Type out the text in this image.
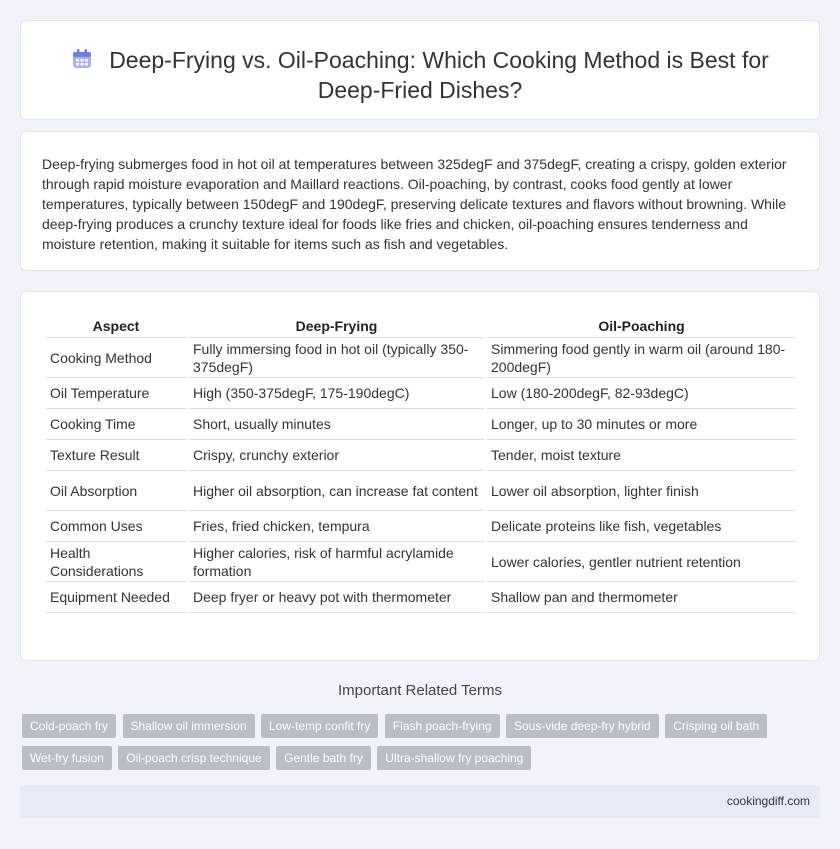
Deep-Frying vs. Oil-Poaching: Which Cooking Method is Best for Deep-Fried Dishes?

Deep-frying submerges food in hot oil at temperatures between 325degF and 375degF, creating a crispy, golden exterior through rapid moisture evaporation and Maillard reactions. Oil-poaching, by contrast, cooks food gently at lower temperatures, typically between 150degF and 190degF, preserving delicate textures and flavors without browning. While deep-frying produces a crunchy texture ideal for foods like fries and chicken, oil-poaching ensures tenderness and moisture retention, making it suitable for items such as fish and vegetables.

Aspect	Deep-Frying	Oil-Poaching
Cooking Method	Fully immersing food in hot oil (typically 350-375degF)	Simmering food gently in warm oil (around 180-200degF)
Oil Temperature	High (350-375degF, 175-190degC)	Low (180-200degF, 82-93degC)
Cooking Time	Short, usually minutes	Longer, up to 30 minutes or more
Texture Result	Crispy, crunchy exterior	Tender, moist texture
Oil Absorption	Higher oil absorption, can increase fat content	Lower oil absorption, lighter finish
Common Uses	Fries, fried chicken, tempura	Delicate proteins like fish, vegetables
Health Considerations	Higher calories, risk of harmful acrylamide formation	Lower calories, gentler nutrient retention
Equipment Needed	Deep fryer or heavy pot with thermometer	Shallow pan and thermometer
Important Related Terms
Cold-poach fry Shallow oil immersion Low-temp confit fry Flash poach-frying Sous-vide deep-fry hybrid Crisping oil bath Wet-fry fusion Oil-poach crisp technique Gentle bath fry Ultra-shallow fry poaching
cookingdiff.com
